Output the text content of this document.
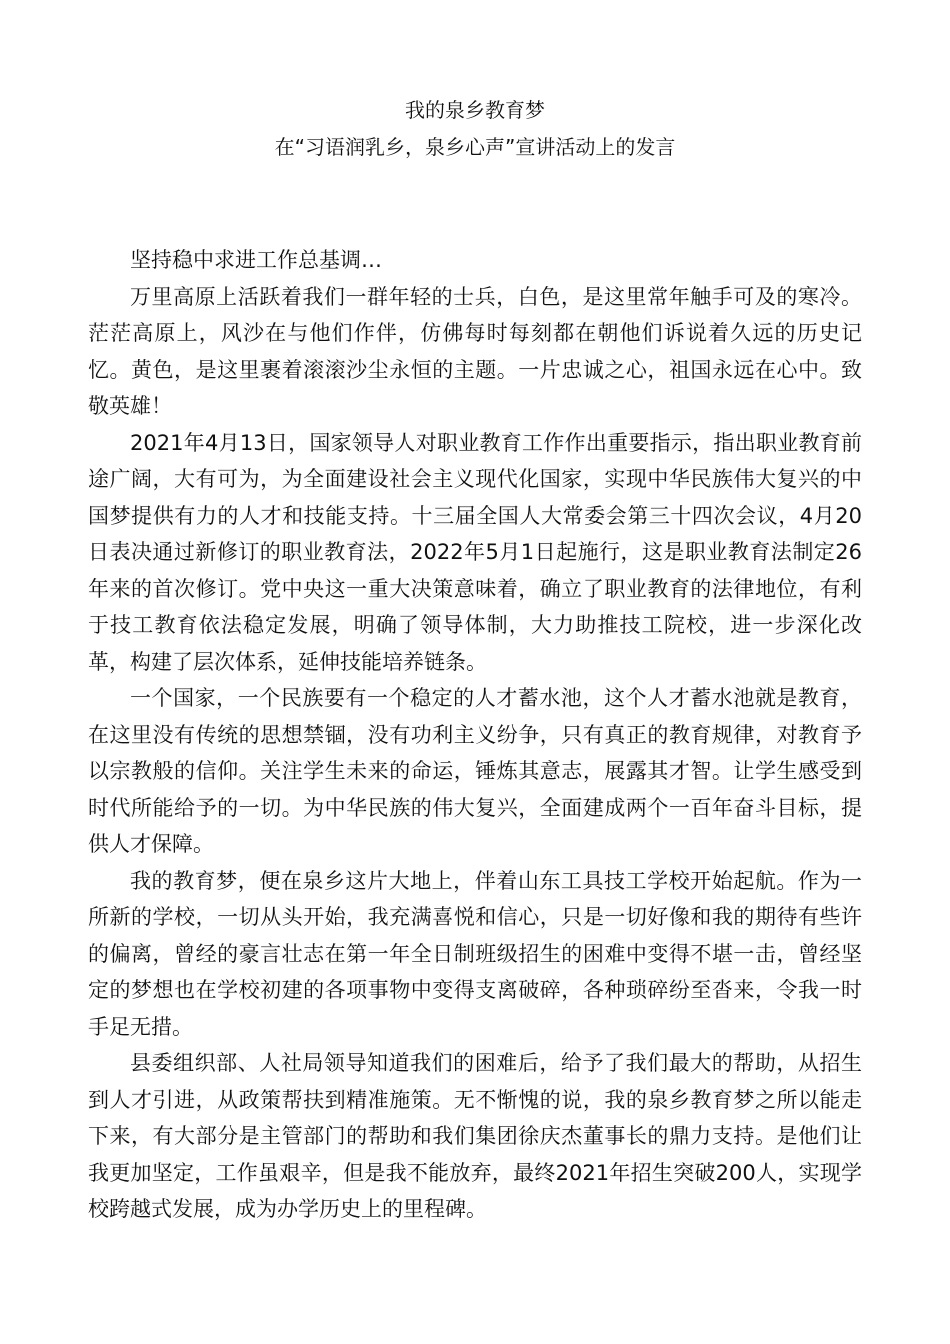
我的泉乡教育梦
在“习语润乳乡，泉乡心声”宣讲活动上的发言

坚持稳中求进工作总基调…

万里高原上活跃着我们一群年轻的士兵，白色，是这里常年触手可及的寒冷。茫茫高原上，风沙在与他们作伴，仿佛每时每刻都在朝他们诉说着久远的历史记忆。黄色，是这里裹着滚滚沙尘永恒的主题。一片忠诚之心，祖国永远在心中。致敬英雄！

2021年4月13日，国家领导人对职业教育工作作出重要指示，指出职业教育前途广阔，大有可为，为全面建设社会主义现代化国家，实现中华民族伟大复兴的中国梦提供有力的人才和技能支持。十三届全国人大常委会第三十四次会议，4月20日表决通过新修订的职业教育法，2022年5月1日起施行，这是职业教育法制定26年来的首次修订。党中央这一重大决策意味着，确立了职业教育的法律地位，有利于技工教育依法稳定发展，明确了领导体制，大力助推技工院校，进一步深化改革，构建了层次体系，延伸技能培养链条。

一个国家，一个民族要有一个稳定的人才蓄水池，这个人才蓄水池就是教育，在这里没有传统的思想禁锢，没有功利主义纷争，只有真正的教育规律，对教育予以宗教般的信仰。关注学生未来的命运，锤炼其意志，展露其才智。让学生感受到时代所能给予的一切。为中华民族的伟大复兴，全面建成两个一百年奋斗目标，提供人才保障。

我的教育梦，便在泉乡这片大地上，伴着山东工具技工学校开始起航。作为一所新的学校，一切从头开始，我充满喜悦和信心，只是一切好像和我的期待有些许的偏离，曾经的豪言壮志在第一年全日制班级招生的困难中变得不堪一击，曾经坚定的梦想也在学校初建的各项事物中变得支离破碎，各种琐碎纷至沓来，令我一时手足无措。

县委组织部、人社局领导知道我们的困难后，给予了我们最大的帮助，从招生到人才引进，从政策帮扶到精准施策。无不惭愧的说，我的泉乡教育梦之所以能走下来，有大部分是主管部门的帮助和我们集团徐庆杰董事长的鼎力支持。是他们让我更加坚定，工作虽艰辛，但是我不能放弃，最终2021年招生突破200人，实现学校跨越式发展，成为办学历史上的里程碑。
